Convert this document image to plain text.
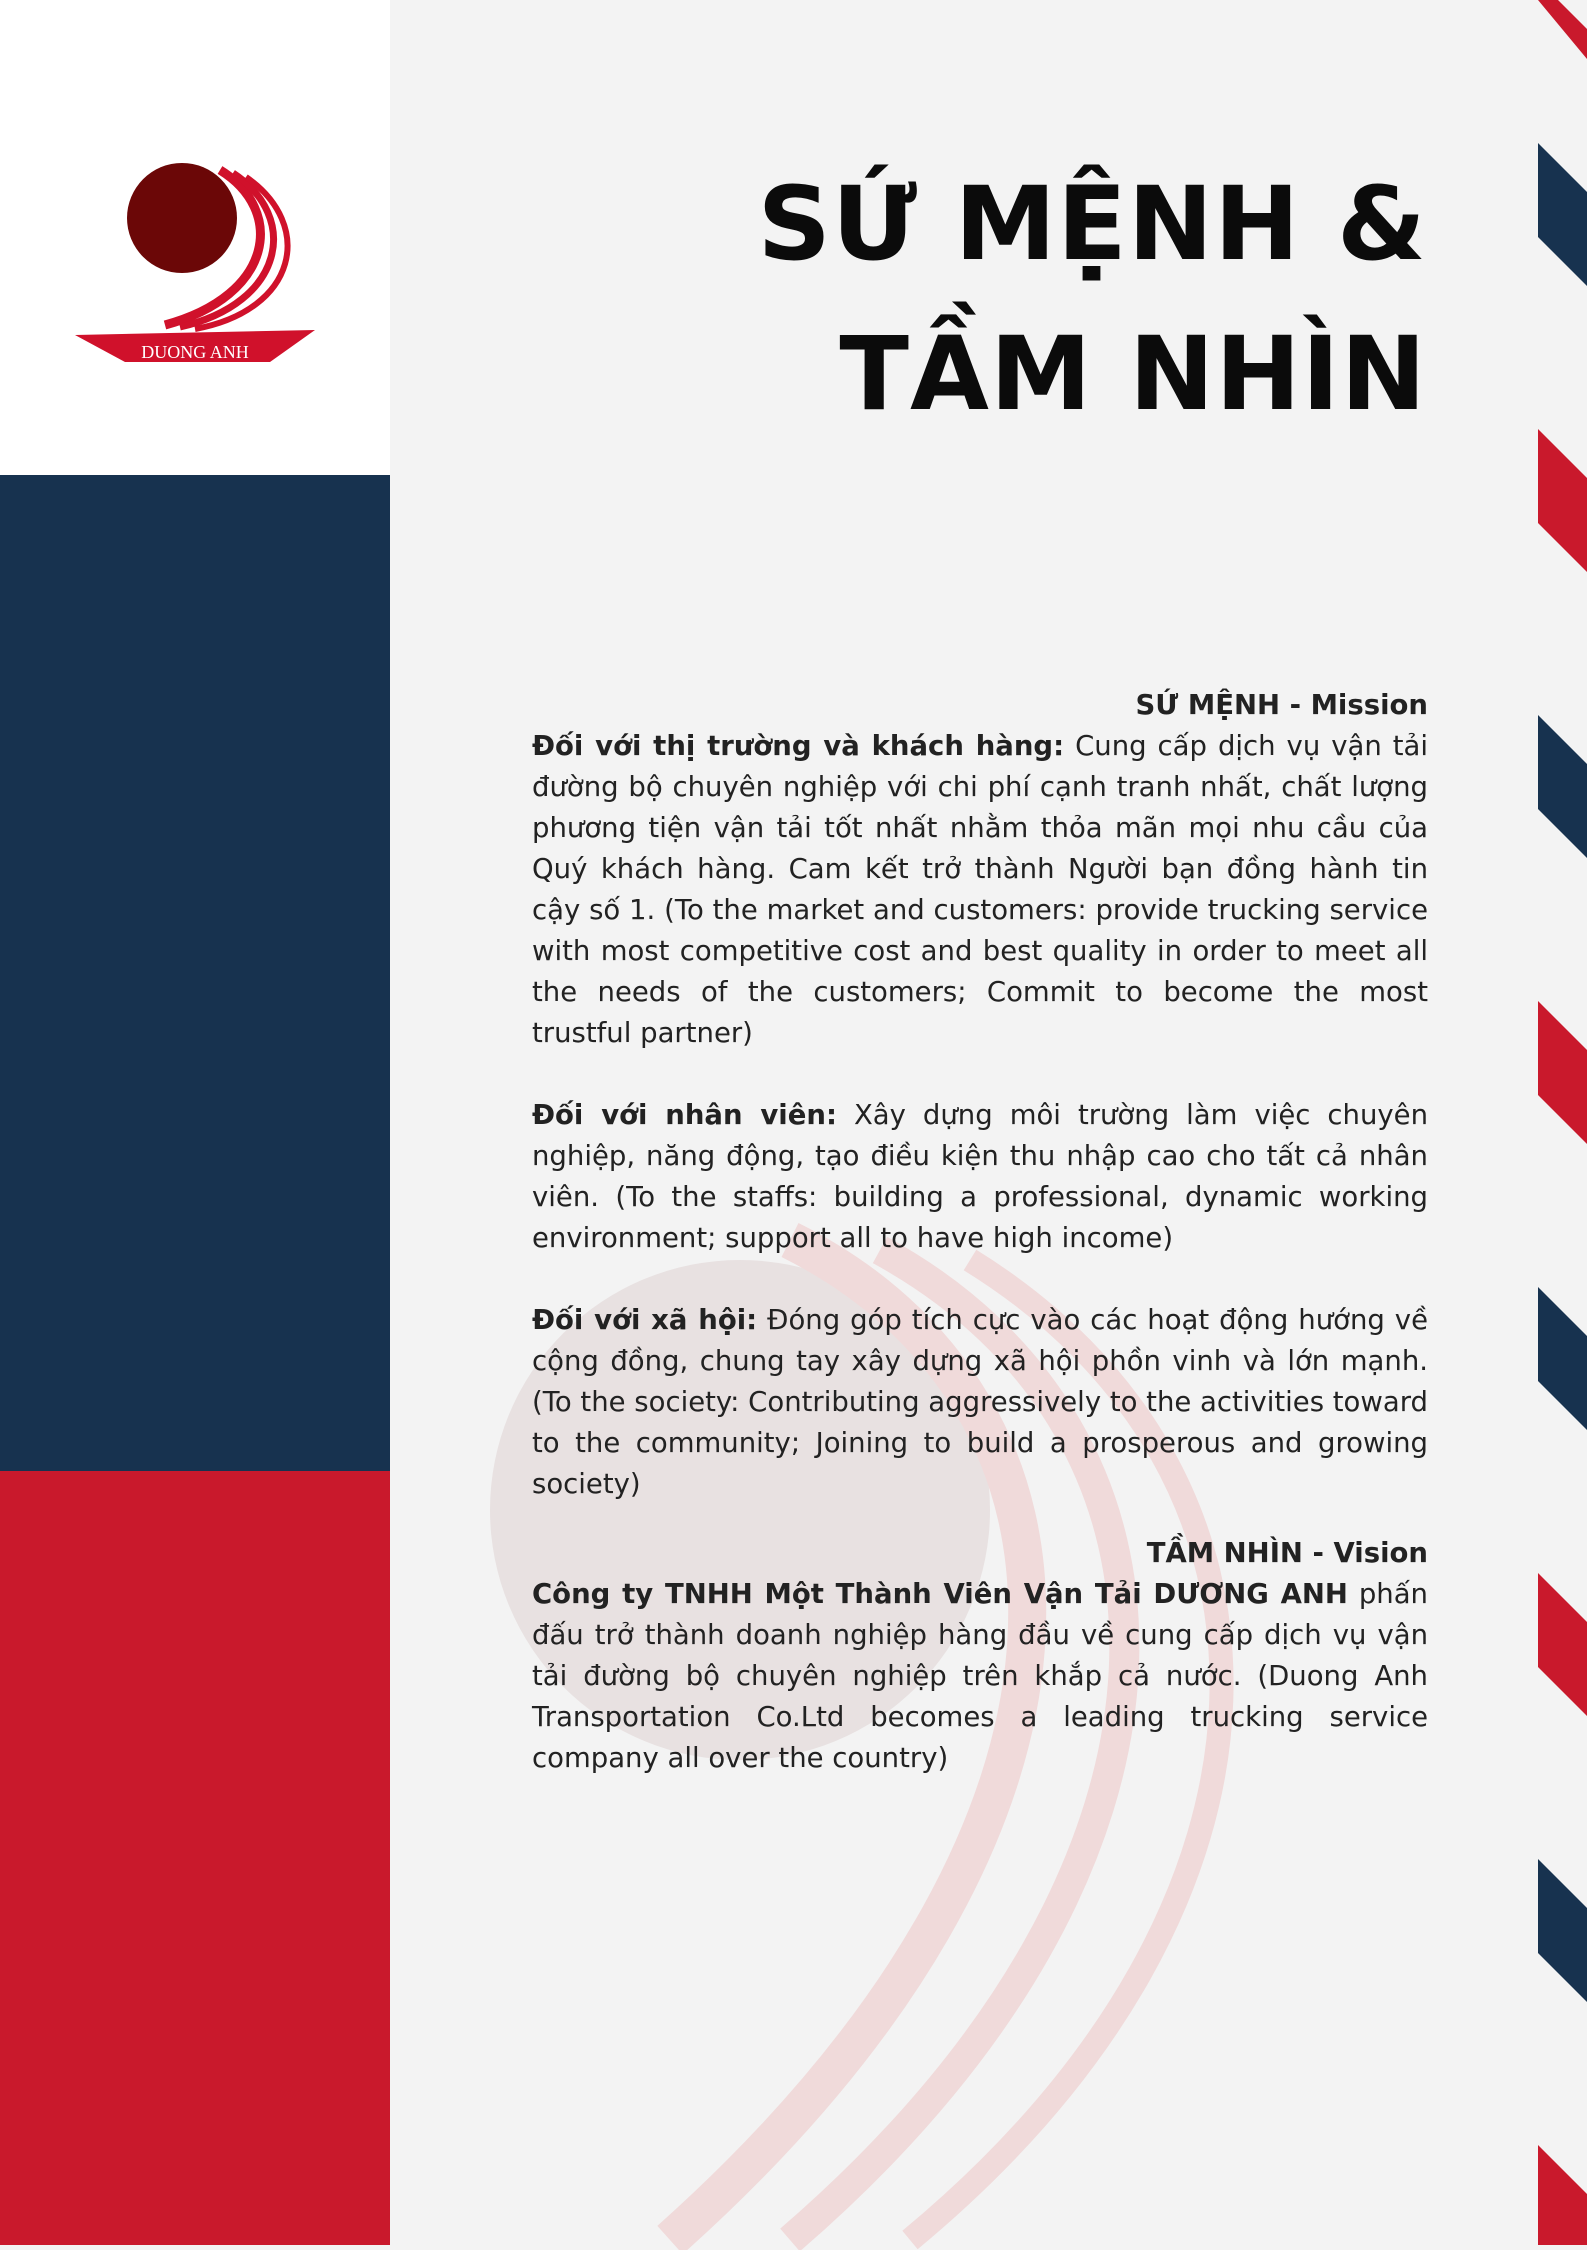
DUONG ANH
SỨ MỆNH &
TẦM NHÌN
SỨ MỆNH - Mission
Đối với thị trường và khách hàng: Cung cấp dịch vụ vận tải đường bộ chuyên nghiệp với chi phí cạnh tranh nhất, chất lượng phương tiện vận tải tốt nhất nhằm thỏa mãn mọi nhu cầu của Quý khách hàng. Cam kết trở thành Người bạn đồng hành tin cậy số 1. (To the market and customers: provide trucking service with most competitive cost and best quality in order to meet all the needs of the customers; Commit to become the most trustful partner)
Đối với nhân viên: Xây dựng môi trường làm việc chuyên nghiệp, năng động, tạo điều kiện thu nhập cao cho tất cả nhân viên. (To the staffs: building a professional, dynamic working environment; support all to have high income)
Đối với xã hội: Đóng góp tích cực vào các hoạt động hướng về cộng đồng, chung tay xây dựng xã hội phồn vinh và lớn mạnh. (To the society: Contributing aggressively to the activities toward to the community; Joining to build a prosperous and growing society)
TẦM NHÌN - Vision
Công ty TNHH Một Thành Viên Vận Tải DƯƠNG ANH phấn đấu trở thành doanh nghiệp hàng đầu về cung cấp dịch vụ vận tải đường bộ chuyên nghiệp trên khắp cả nước. (Duong Anh Transportation Co.Ltd becomes a leading trucking service company all over the country)
